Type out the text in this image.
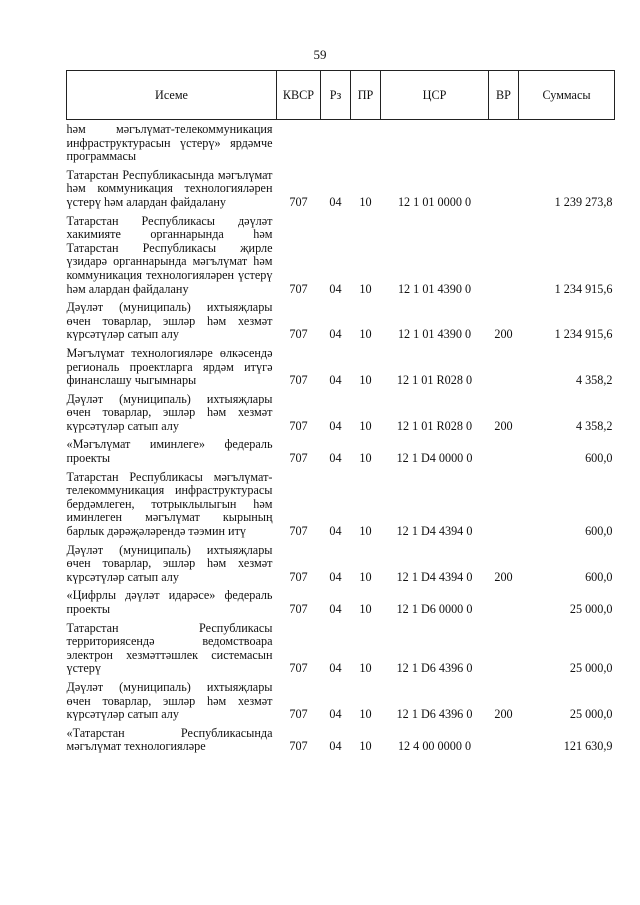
59
Исеме	КВСР	Рз	ПР	ЦСР	ВР	Суммасы
һәм мәгълүмат-телекоммуникация инфраструктурасын үстерү» ярдәмче программасы						
Татарстан Республикасында мәгълүмат һәм коммуникация технологияләрен үстерү һәм алардан файдалану	707	04	10	12 1 01 0000 0		1 239 273,8
Татарстан Республикасы дәүләт хакимияте органнарында һәм Татарстан Республикасы җирле үзидарә органнарында мәгълүмат һәм коммуникация технологияләрен үстерү һәм алардан файдалану	707	04	10	12 1 01 4390 0		1 234 915,6
Дәүләт (муниципаль) ихтыяҗлары өчен товарлар, эшләр һәм хезмәт күрсәтүләр сатып алу	707	04	10	12 1 01 4390 0	200	1 234 915,6
Мәгълүмат технологияләре өлкәсендә региональ проектларга ярдәм итүгә финанслашу чыгымнары	707	04	10	12 1 01 R028 0		4 358,2
Дәүләт (муниципаль) ихтыяҗлары өчен товарлар, эшләр һәм хезмәт күрсәтүләр сатып алу	707	04	10	12 1 01 R028 0	200	4 358,2
«Мәгълүмат иминлеге» федераль проекты	707	04	10	12 1 D4 0000 0		600,0
Татарстан Республикасы мәгълүмат-телекоммуникация инфраструктурасы бердәмлеген, тотрыклылыгын һәм иминлеген мәгълүмат кырының барлык дәрәҗәләрендә тәэмин итү	707	04	10	12 1 D4 4394 0		600,0
Дәүләт (муниципаль) ихтыяҗлары өчен товарлар, эшләр һәм хезмәт күрсәтүләр сатып алу	707	04	10	12 1 D4 4394 0	200	600,0
«Цифрлы дәүләт идарәсе» федераль проекты	707	04	10	12 1 D6 0000 0		25 000,0
Татарстан Республикасы территориясендә ведомствоара электрон хезмәттәшлек системасын үстерү	707	04	10	12 1 D6 4396 0		25 000,0
Дәүләт (муниципаль) ихтыяҗлары өчен товарлар, эшләр һәм хезмәт күрсәтүләр сатып алу	707	04	10	12 1 D6 4396 0	200	25 000,0
«Татарстан Республикасында мәгълүмат технологияләре	707	04	10	12 4 00 0000 0		121 630,9
